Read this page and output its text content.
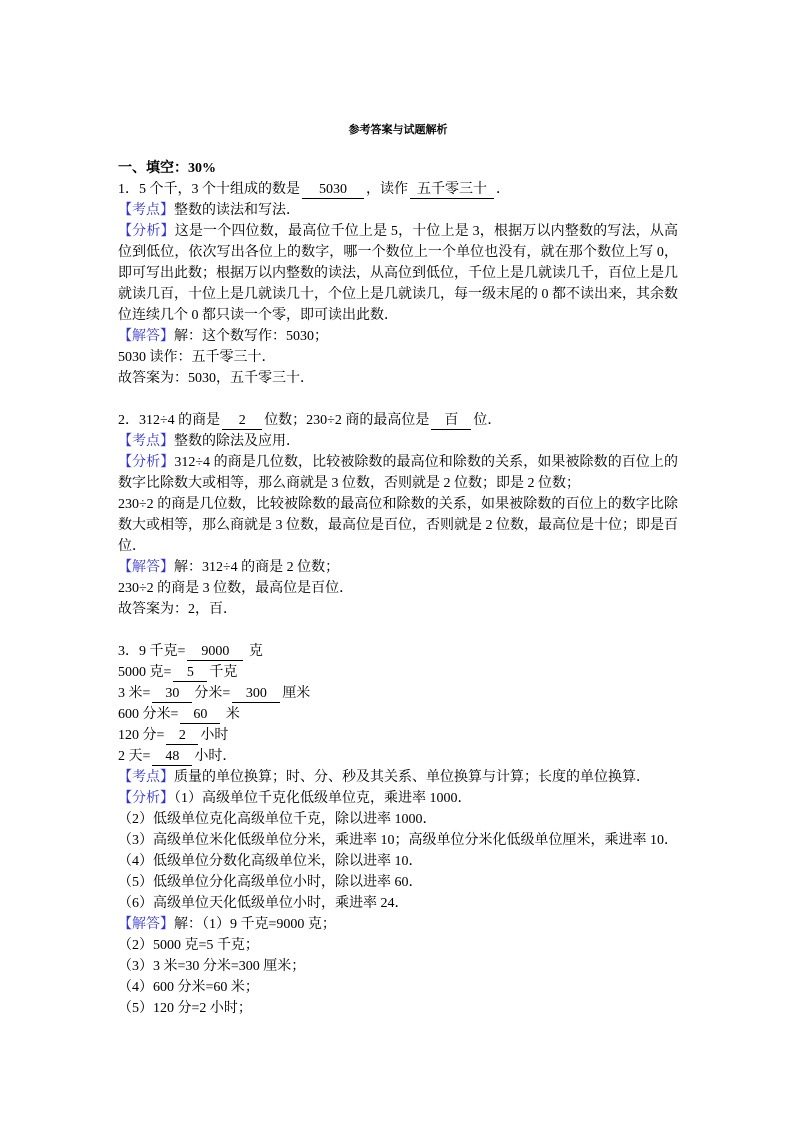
参考答案与试题解析
一、填空：30%
1．5 个千，3 个十组成的数是 5030 ，读作 五千零三十 ．
【考点】整数的读法和写法．
【分析】这是一个四位数，最高位千位上是 5，十位上是 3，根据万以内整数的写法，从高位到低位，依次写出各位上的数字，哪一个数位上一个单位也没有，就在那个数位上写 0，即可写出此数；根据万以内整数的读法，从高位到低位，千位上是几就读几千，百位上是几就读几百，十位上是几就读几十，个位上是几就读几，每一级末尾的 0 都不读出来，其余数位连续几个 0 都只读一个零，即可读出此数．
【解答】解：这个数写作：5030；
5030 读作：五千零三十．
故答案为：5030，五千零三十．
2．312÷4 的商是 2 位数；230÷2 商的最高位是 百 位．
【考点】整数的除法及应用．
【分析】312÷4 的商是几位数，比较被除数的最高位和除数的关系，如果被除数的百位上的数字比除数大或相等，那么商就是 3 位数，否则就是 2 位数；即是 2 位数；
230÷2 的商是几位数，比较被除数的最高位和除数的关系，如果被除数的百位上的数字比除数大或相等，那么商就是 3 位数，最高位是百位，否则就是 2 位数，最高位是十位；即是百位．
【解答】解：312÷4 的商是 2 位数；
230÷2 的商是 3 位数，最高位是百位．
故答案为：2，百．
3．9 千克= 9000 克
5000 克= 5 千克
3 米= 30 分米= 300 厘米
600 分米= 60 米
120 分= 2 小时
2 天= 48 小时．
【考点】质量的单位换算；时、分、秒及其关系、单位换算与计算；长度的单位换算．
【分析】（1）高级单位千克化低级单位克，乘进率 1000．
（2）低级单位克化高级单位千克，除以进率 1000．
（3）高级单位米化低级单位分米，乘进率 10；高级单位分米化低级单位厘米，乘进率 10．
（4）低级单位分数化高级单位米，除以进率 10．
（5）低级单位分化高级单位小时，除以进率 60．
（6）高级单位天化低级单位小时，乘进率 24．
【解答】解：（1）9 千克=9000 克；
（2）5000 克=5 千克；
（3）3 米=30 分米=300 厘米；
（4）600 分米=60 米；
（5）120 分=2 小时；
